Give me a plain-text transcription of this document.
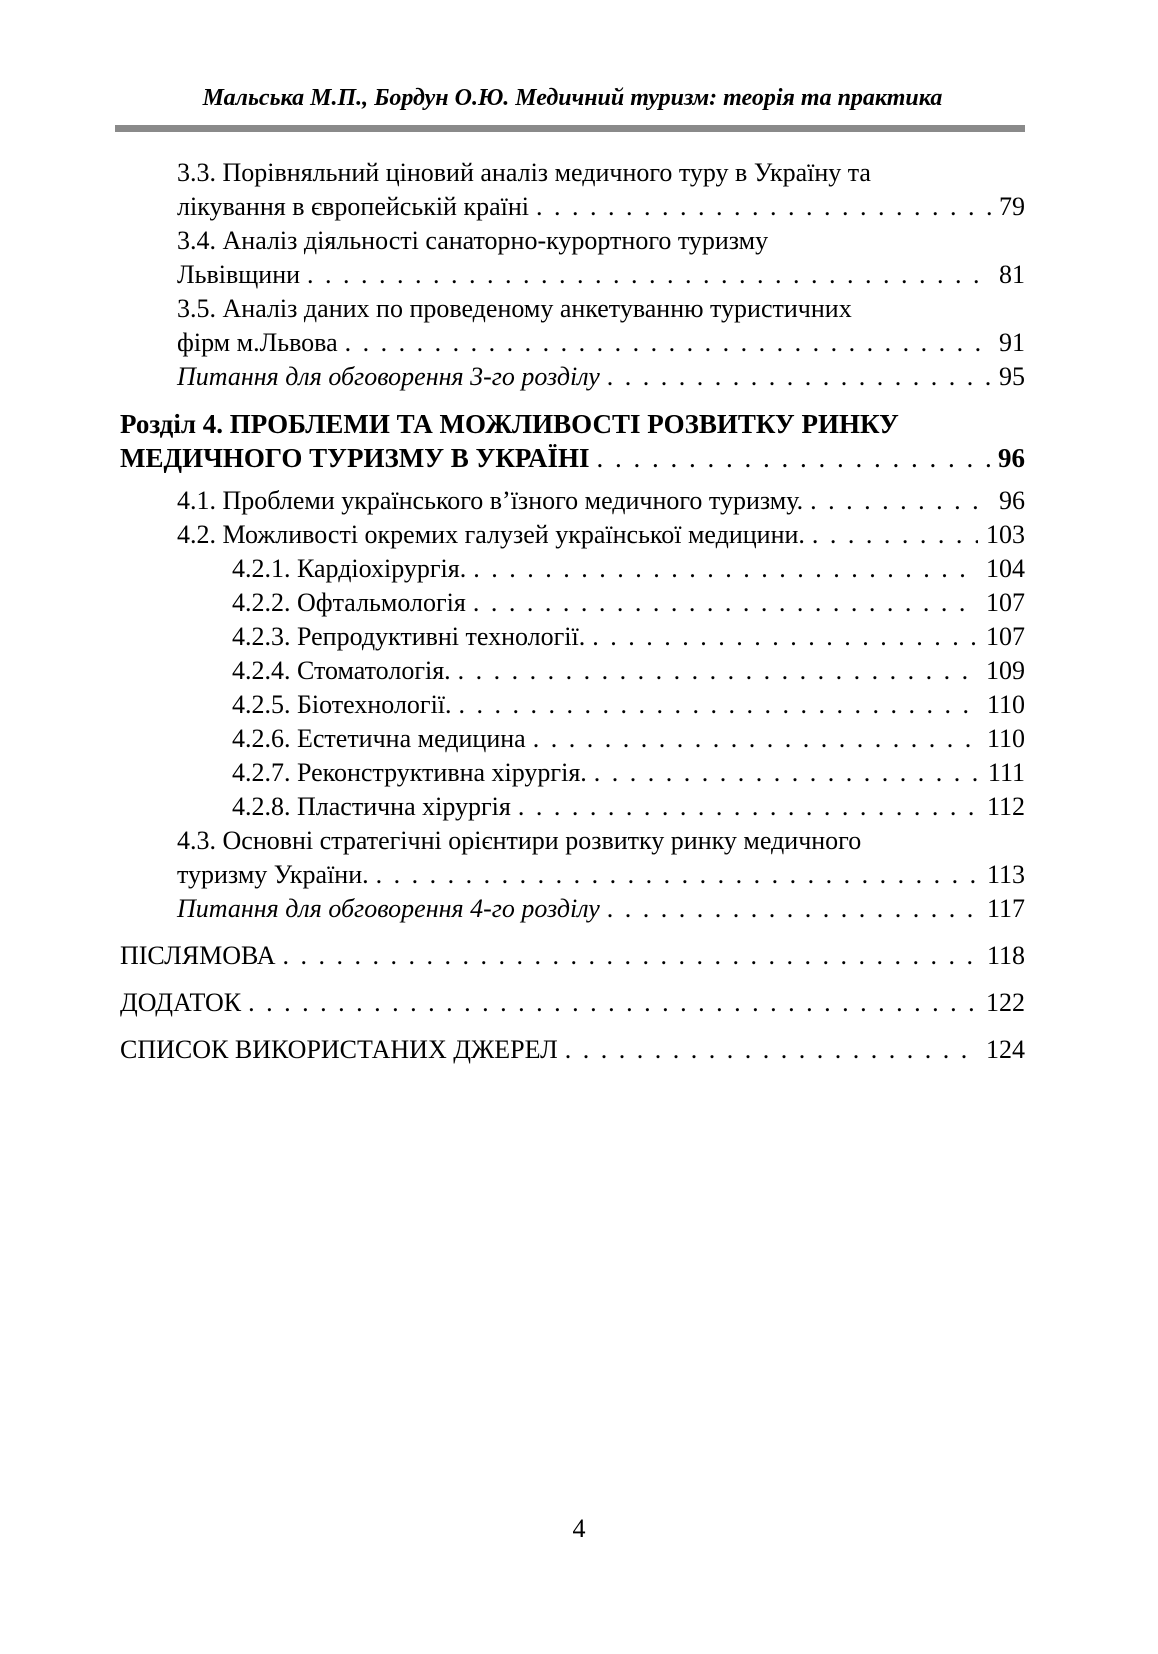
Мальська М.П., Бордун О.Ю. Медичний туризм: теорія та практика
3.3. Порівняльний ціновий аналіз медичного туру в Україну та
лікування в європейській країні . . .	79
3.4. Аналіз діяльності санаторно-курортного туризму
Львівщини . . .	81
3.5. Аналіз даних по проведеному анкетуванню туристичних
фірм м.Львова . . .	91
Питання для обговорення 3-го розділу . . .	95
Розділ 4. ПРОБЛЕМИ ТА МОЖЛИВОСТІ РОЗВИТКУ РИНКУ
МЕДИЧНОГО ТУРИЗМУ В УКРАЇНІ . . .	96
4.1. Проблеми українського в’їзного медичного туризму. . . .	96
4.2. Можливості окремих галузей української медицини. . . .	103
4.2.1. Кардіохірургія. . . .	104
4.2.2. Офтальмологія . . .	107
4.2.3. Репродуктивні технології. . . .	107
4.2.4. Стоматологія. . . .	109
4.2.5. Біотехнології. . . .	110
4.2.6. Естетична медицина . . .	110
4.2.7. Реконструктивна хірургія. . . .	111
4.2.8. Пластична хірургія . . .	112
4.3. Основні стратегічні орієнтири розвитку ринку медичного
туризму України. . . .	113
Питання для обговорення 4-го розділу . . .	117
ПІСЛЯМОВА . . .	118
ДОДАТОК . . .	122
СПИСОК ВИКОРИСТАНИХ ДЖЕРЕЛ . . .	124
4
